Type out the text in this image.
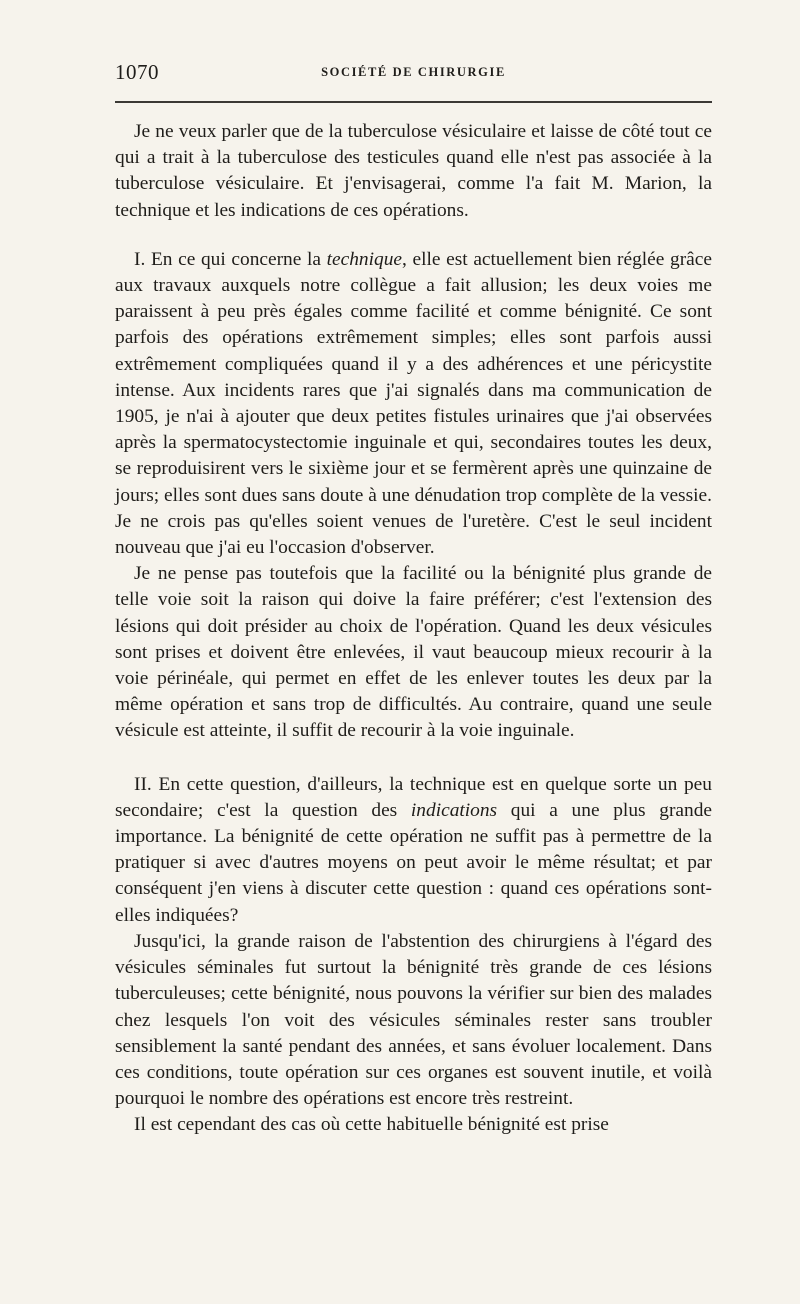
1070	SOCIÉTÉ DE CHIRURGIE

Je ne veux parler que de la tuberculose vésiculaire et laisse de côté tout ce qui a trait à la tuberculose des testicules quand elle n'est pas associée à la tuberculose vésiculaire. Et j'envisagerai, comme l'a fait M. Marion, la technique et les indications de ces opérations.

I. En ce qui concerne la technique, elle est actuellement bien réglée grâce aux travaux auxquels notre collègue a fait allusion; les deux voies me paraissent à peu près égales comme facilité et comme bénignité. Ce sont parfois des opérations extrêmement simples; elles sont parfois aussi extrêmement compliquées quand il y a des adhérences et une péricystite intense. Aux incidents rares que j'ai signalés dans ma communication de 1905, je n'ai à ajouter que deux petites fistules urinaires que j'ai observées après la spermatocystectomie inguinale et qui, secondaires toutes les deux, se reproduisirent vers le sixième jour et se fermèrent après une quinzaine de jours; elles sont dues sans doute à une dénudation trop complète de la vessie. Je ne crois pas qu'elles soient venues de l'uretère. C'est le seul incident nouveau que j'ai eu l'occasion d'observer.

Je ne pense pas toutefois que la facilité ou la bénignité plus grande de telle voie soit la raison qui doive la faire préférer; c'est l'extension des lésions qui doit présider au choix de l'opération. Quand les deux vésicules sont prises et doivent être enlevées, il vaut beaucoup mieux recourir à la voie périnéale, qui permet en effet de les enlever toutes les deux par la même opération et sans trop de difficultés. Au contraire, quand une seule vésicule est atteinte, il suffit de recourir à la voie inguinale.

II. En cette question, d'ailleurs, la technique est en quelque sorte un peu secondaire; c'est la question des indications qui a une plus grande importance. La bénignité de cette opération ne suffit pas à permettre de la pratiquer si avec d'autres moyens on peut avoir le même résultat; et par conséquent j'en viens à discuter cette question : quand ces opérations sont-elles indiquées?

Jusqu'ici, la grande raison de l'abstention des chirurgiens à l'égard des vésicules séminales fut surtout la bénignité très grande de ces lésions tuberculeuses; cette bénignité, nous pouvons la vérifier sur bien des malades chez lesquels l'on voit des vésicules séminales rester sans troubler sensiblement la santé pendant des années, et sans évoluer localement. Dans ces conditions, toute opération sur ces organes est souvent inutile, et voilà pourquoi le nombre des opérations est encore très restreint.

Il est cependant des cas où cette habituelle bénignité est prise
